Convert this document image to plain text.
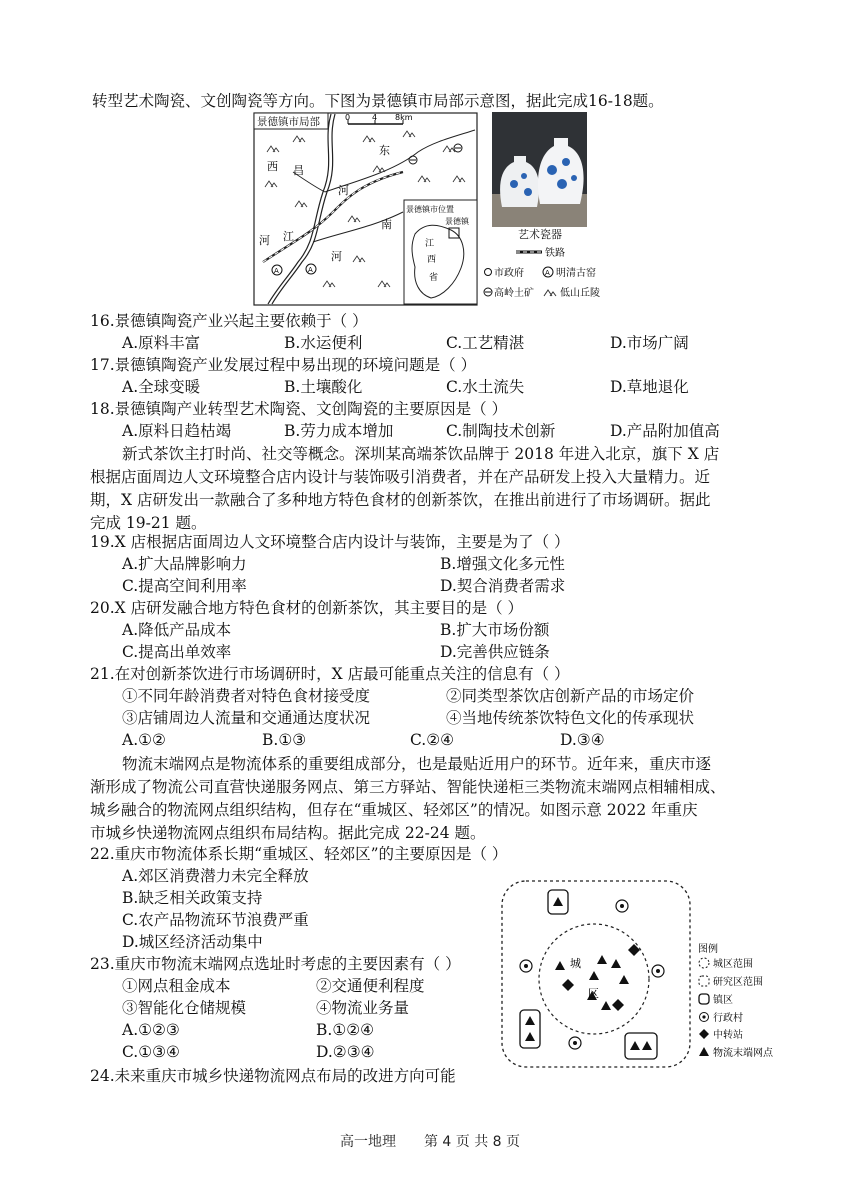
转型艺术陶瓷、文创陶瓷等方向。下图为景德镇市局部示意图，据此完成16-18题。
景德镇市局部	0	4 8km
A	A
西 昌
东
河
江
河
南
河
景德镇市位置
景德镇
江
西
省
艺术瓷器
铁路
市政府	A 明清古窑
高岭土矿	低山丘陵
16.景德镇陶瓷产业兴起主要依赖于（ ）
A.原料丰富	B.水运便利	C.工艺精湛	D.市场广阔
17.景德镇陶瓷产业发展过程中易出现的环境问题是（ ）
A.全球变暖	B.土壤酸化	C.水土流失	D.草地退化
18.景德镇陶产业转型艺术陶瓷、文创陶瓷的主要原因是（ ）
A.原料日趋枯竭	B.劳力成本增加	C.制陶技术创新	D.产品附加值高
新式茶饮主打时尚、社交等概念。深圳某高端茶饮品牌于 2018 年进入北京，旗下 X 店
根据店面周边人文环境整合店内设计与装饰吸引消费者，并在产品研发上投入大量精力。近
期，X 店研发出一款融合了多种地方特色食材的创新茶饮，在推出前进行了市场调研。据此
完成 19-21 题。
19.X 店根据店面周边人文环境整合店内设计与装饰，主要是为了（ ）
A.扩大品牌影响力	B.增强文化多元性
C.提高空间利用率	D.契合消费者需求
20.X 店研发融合地方特色食材的创新茶饮，其主要目的是（ ）
A.降低产品成本	B.扩大市场份额
C.提高出单效率	D.完善供应链条
21.在对创新茶饮进行市场调研时，X 店最可能重点关注的信息有（ ）
①不同年龄消费者对特色食材接受度	②同类型茶饮店创新产品的市场定价
③店铺周边人流量和交通通达度状况	④当地传统茶饮特色文化的传承现状
A.①②	B.①③	C.②④	D.③④
物流末端网点是物流体系的重要组成部分，也是最贴近用户的环节。近年来，重庆市逐
渐形成了物流公司直营快递服务网点、第三方驿站、智能快递柜三类物流末端网点相辅相成、
城乡融合的物流网点组织结构，但存在“重城区、轻郊区”的情况。如图示意 2022 年重庆
市城乡快递物流网点组织布局结构。据此完成 22-24 题。
22.重庆市物流体系长期“重城区、轻郊区”的主要原因是（ ）
A.郊区消费潜力未完全释放
B.缺乏相关政策支持
C.农产品物流环节浪费严重
D.城区经济活动集中
23.重庆市物流末端网点选址时考虑的主要因素有（ ）
①网点租金成本	②交通便利程度
③智能化仓储规模	④物流业务量
A.①②③	B.①②④
C.①③④	D.②③④
24.未来重庆市城乡快递物流网点布局的改进方向可能
城
区
图例
城区范围
研究区范围
镇区
行政村
中转站
物流末端网点
高一地理　　第 4 页 共 8 页
